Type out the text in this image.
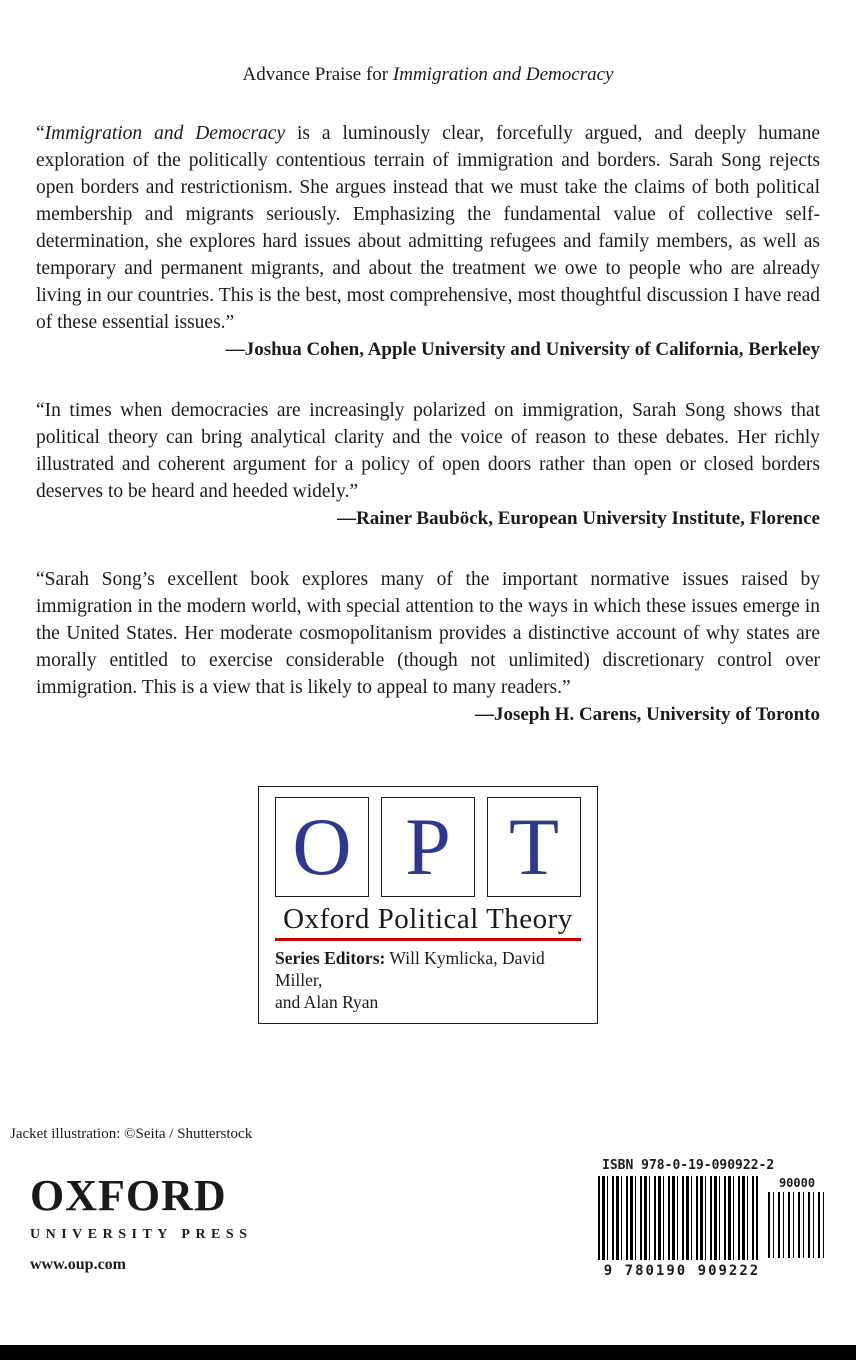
Advance Praise for Immigration and Democracy

“Immigration and Democracy is a luminously clear, forcefully argued, and deeply humane exploration of the politically contentious terrain of immigration and borders. Sarah Song rejects open borders and restrictionism. She argues instead that we must take the claims of both political membership and migrants seriously. Emphasizing the fundamental value of collective self-determination, she explores hard issues about admitting refugees and family members, as well as temporary and permanent migrants, and about the treatment we owe to people who are already living in our countries. This is the best, most comprehensive, most thoughtful discussion I have read of these essential issues.”

—Joshua Cohen, Apple University and University of California, Berkeley

“In times when democracies are increasingly polarized on immigration, Sarah Song shows that political theory can bring analytical clarity and the voice of reason to these debates. Her richly illustrated and coherent argument for a policy of open doors rather than open or closed borders deserves to be heard and heeded widely.”

—Rainer Bauböck, European University Institute, Florence

“Sarah Song’s excellent book explores many of the important normative issues raised by immigration in the modern world, with special attention to the ways in which these issues emerge in the United States. Her moderate cosmopolitanism provides a distinctive account of why states are morally entitled to exercise considerable (though not unlimited) discretionary control over immigration. This is a view that is likely to appeal to many readers.”

—Joseph H. Carens, University of Toronto
O P T
Oxford Political Theory
Series Editors: Will Kymlicka, David Miller,
and Alan Ryan
Jacket illustration: ©Seita / Shutterstock
OXFORD
UNIVERSITY PRESS
www.oup.com
ISBN 978-0-19-090922-2
90000
9 780190 909222
